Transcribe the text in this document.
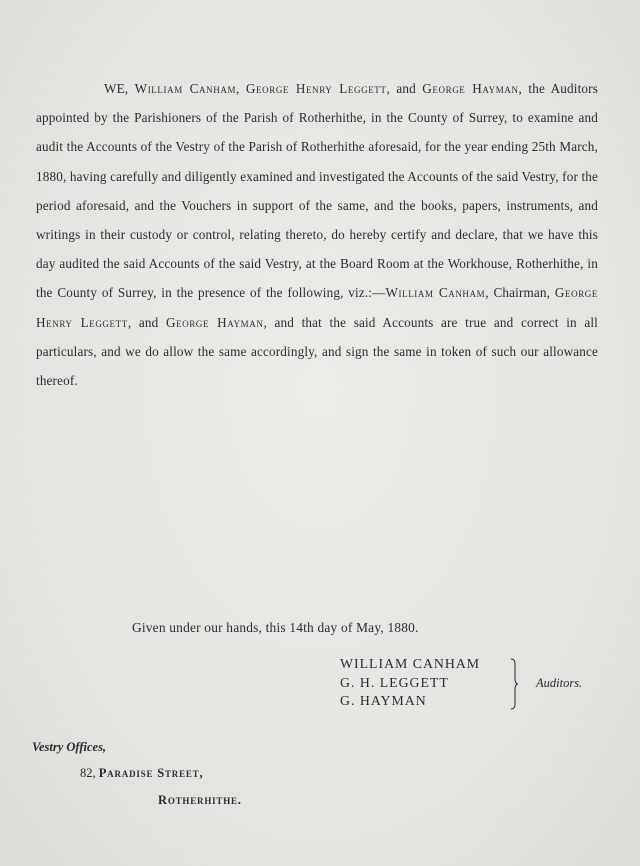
WE, William Canham, George Henry Leggett, and George Hayman, the Auditors appointed by the Parishioners of the Parish of Rotherhithe, in the County of Surrey, to examine and audit the Accounts of the Vestry of the Parish of Rotherhithe aforesaid, for the year ending 25th March, 1880, having carefully and diligently examined and investigated the Accounts of the said Vestry, for the period aforesaid, and the Vouchers in support of the same, and the books, papers, instruments, and writings in their custody or control, relating thereto, do hereby certify and declare, that we have this day audited the said Accounts of the said Vestry, at the Board Room at the Workhouse, Rotherhithe, in the County of Surrey, in the presence of the following, viz.:—William Canham, Chairman, George Henry Leggett, and George Hayman, and that the said Accounts are true and correct in all particulars, and we do allow the same accordingly, and sign the same in token of such our allowance thereof.

Given under our hands, this 14th day of May, 1880.
WILLIAM CANHAM
G. H. LEGGETT
G. HAYMAN
Auditors.
Vestry Offices,
82, Paradise Street,
Rotherhithe.
